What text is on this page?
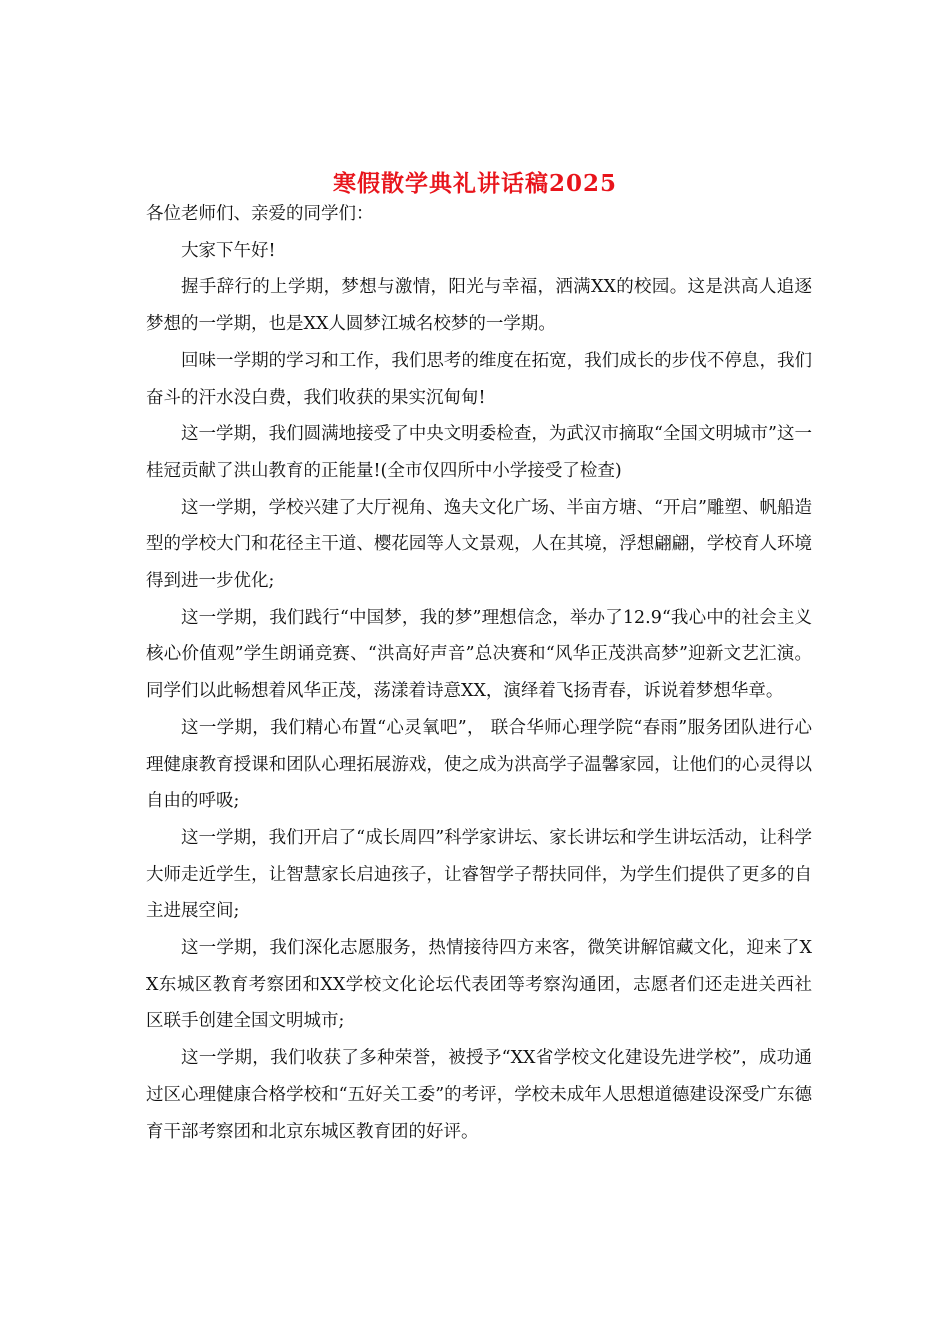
寒假散学典礼讲话稿2025

各位老师们、亲爱的同学们：

大家下午好!

握手辞行的上学期，梦想与激情，阳光与幸福，洒满XX的校园。这是洪高人追逐梦想的一学期，也是XX人圆梦江城名校梦的一学期。

回味一学期的学习和工作，我们思考的维度在拓宽，我们成长的步伐不停息，我们奋斗的汗水没白费，我们收获的果实沉甸甸!

这一学期，我们圆满地接受了中央文明委检查，为武汉市摘取“全国文明城市”这一桂冠贡献了洪山教育的正能量!(全市仅四所中小学接受了检查)

这一学期，学校兴建了大厅视角、逸夫文化广场、半亩方塘、“开启”雕塑、帆船造型的学校大门和花径主干道、樱花园等人文景观，人在其境，浮想翩翩，学校育人环境得到进一步优化;

这一学期，我们践行“中国梦，我的梦”理想信念，举办了12.9“我心中的社会主义核心价值观”学生朗诵竞赛、“洪高好声音”总决赛和“风华正茂洪高梦”迎新文艺汇演。同学们以此畅想着风华正茂，荡漾着诗意XX，演绎着飞扬青春，诉说着梦想华章。

这一学期，我们精心布置“心灵氧吧”， 联合华师心理学院“春雨”服务团队进行心理健康教育授课和团队心理拓展游戏，使之成为洪高学子温馨家园，让他们的心灵得以自由的呼吸;

这一学期，我们开启了“成长周四”科学家讲坛、家长讲坛和学生讲坛活动，让科学大师走近学生，让智慧家长启迪孩子，让睿智学子帮扶同伴，为学生们提供了更多的自主进展空间;

这一学期，我们深化志愿服务，热情接待四方来客，微笑讲解馆藏文化，迎来了XX东城区教育考察团和XX学校文化论坛代表团等考察沟通团，志愿者们还走进关西社区联手创建全国文明城市;

这一学期，我们收获了多种荣誉，被授予“XX省学校文化建设先进学校”，成功通过区心理健康合格学校和“五好关工委”的考评，学校未成年人思想道德建设深受广东德育干部考察团和北京东城区教育团的好评。
